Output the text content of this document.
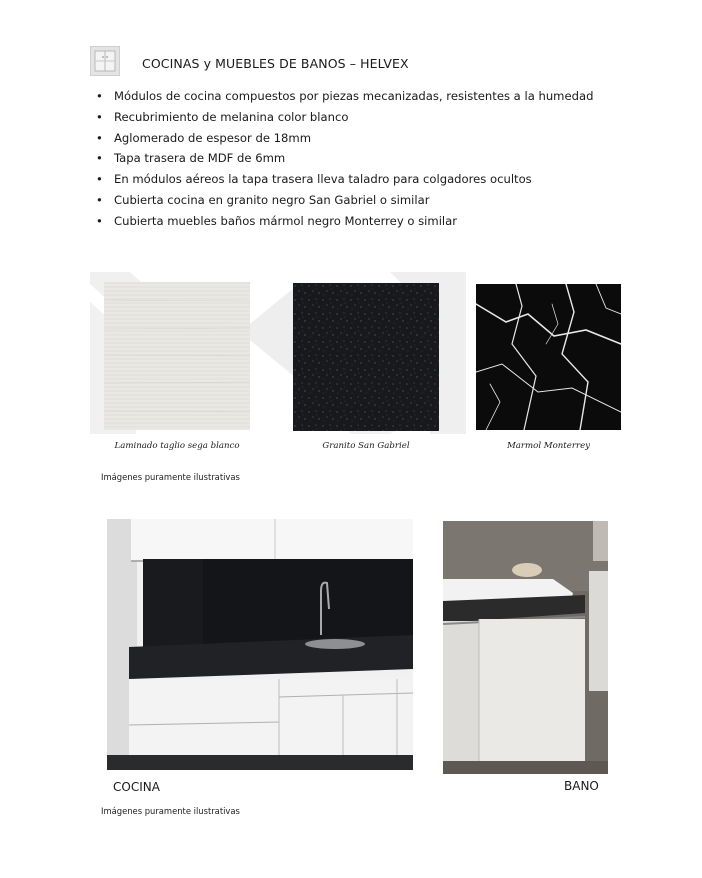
COCINAS y MUEBLES DE BANOS – HELVEX
• Módulos de cocina compuestos por piezas mecanizadas, resistentes a la humedad
• Recubrimiento de melanina color blanco
• Aglomerado de espesor de 18mm
• Tapa trasera de MDF de 6mm
• En módulos aéreos la tapa trasera lleva taladro para colgadores ocultos
• Cubierta cocina en granito negro San Gabriel o similar
• Cubierta muebles baños mármol negro Monterrey o similar
Laminado taglio sega blanco	Granito San Gabriel	Marmol Monterrey
Imágenes puramente ilustrativas
COCINA	BANO
Imágenes puramente ilustrativas
